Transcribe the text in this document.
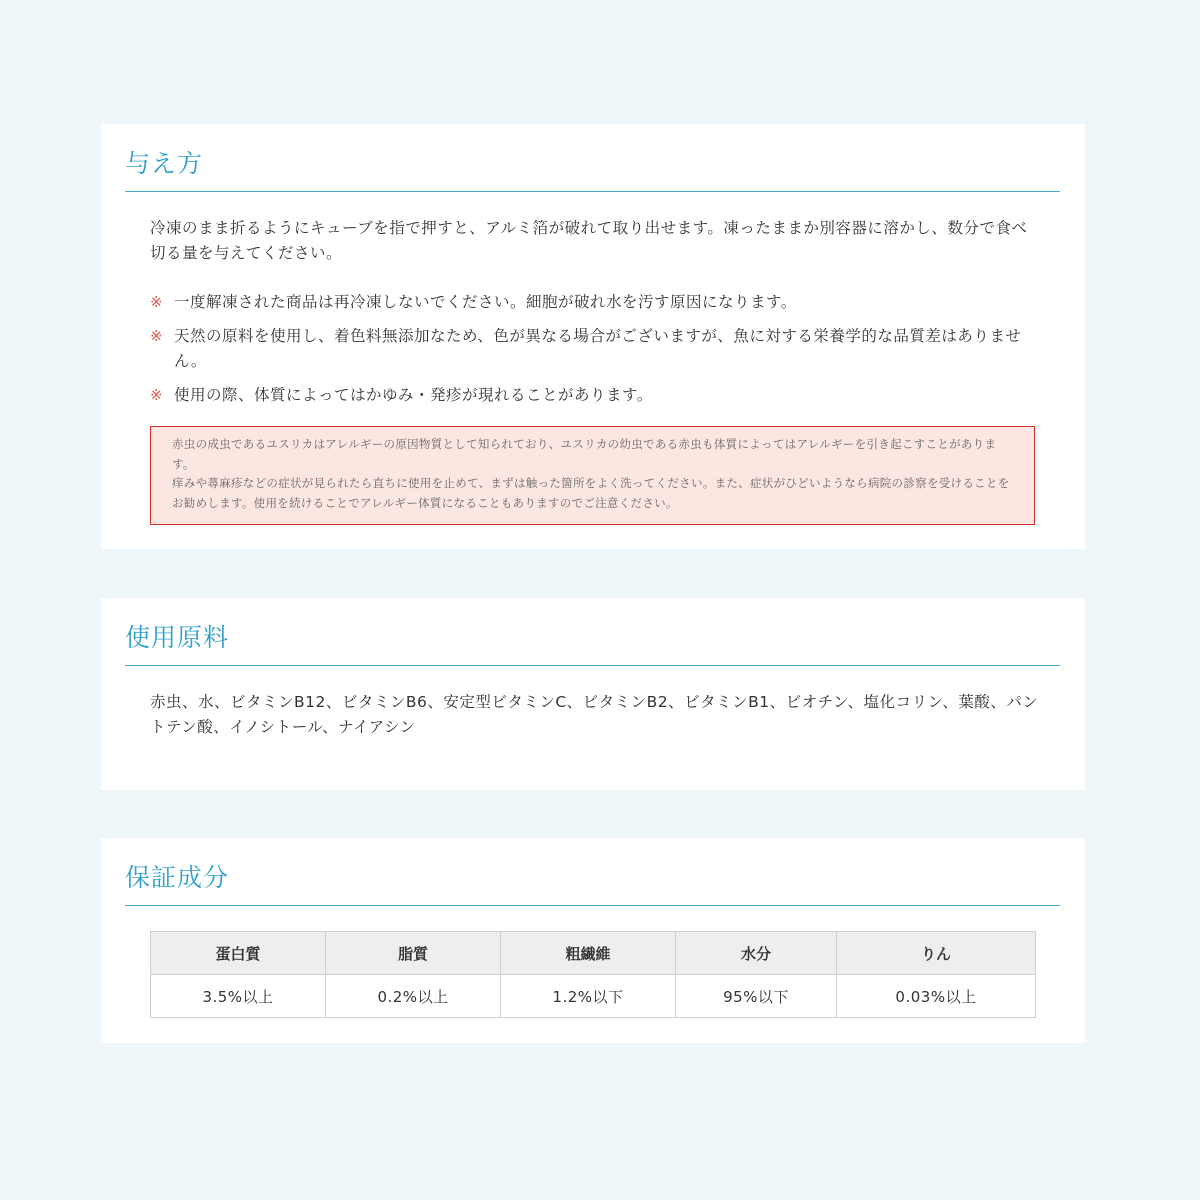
与え方

冷凍のまま折るようにキューブを指で押すと、アルミ箔が破れて取り出せます。凍ったままか別容器に溶かし、数分で食べ切る量を与えてください。

※ 一度解凍された商品は再冷凍しないでください。細胞が破れ水を汚す原因になります。
※ 天然の原料を使用し、着色料無添加なため、色が異なる場合がございますが、魚に対する栄養学的な品質差はありません。
※ 使用の際、体質によってはかゆみ・発疹が現れることがあります。

赤虫の成虫であるユスリカはアレルギーの原因物質として知られており、ユスリカの幼虫である赤虫も体質によってはアレルギーを引き起こすことがあります。

痒みや蕁麻疹などの症状が見られたら直ちに使用を止めて、まずは触った箇所をよく洗ってください。また、症状がひどいようなら病院の診察を受けることをお勧めします。使用を続けることでアレルギー体質になることもありますのでご注意ください。

使用原料

赤虫、水、ビタミンB12、ビタミンB6、安定型ビタミンC、ビタミンB2、ビタミンB1、ビオチン、塩化コリン、葉酸、パントテン酸、イノシトール、ナイアシン

保証成分
蛋白質	脂質	粗繊維	水分	りん
3.5%以上	0.2%以上	1.2%以下	95%以下	0.03%以上
